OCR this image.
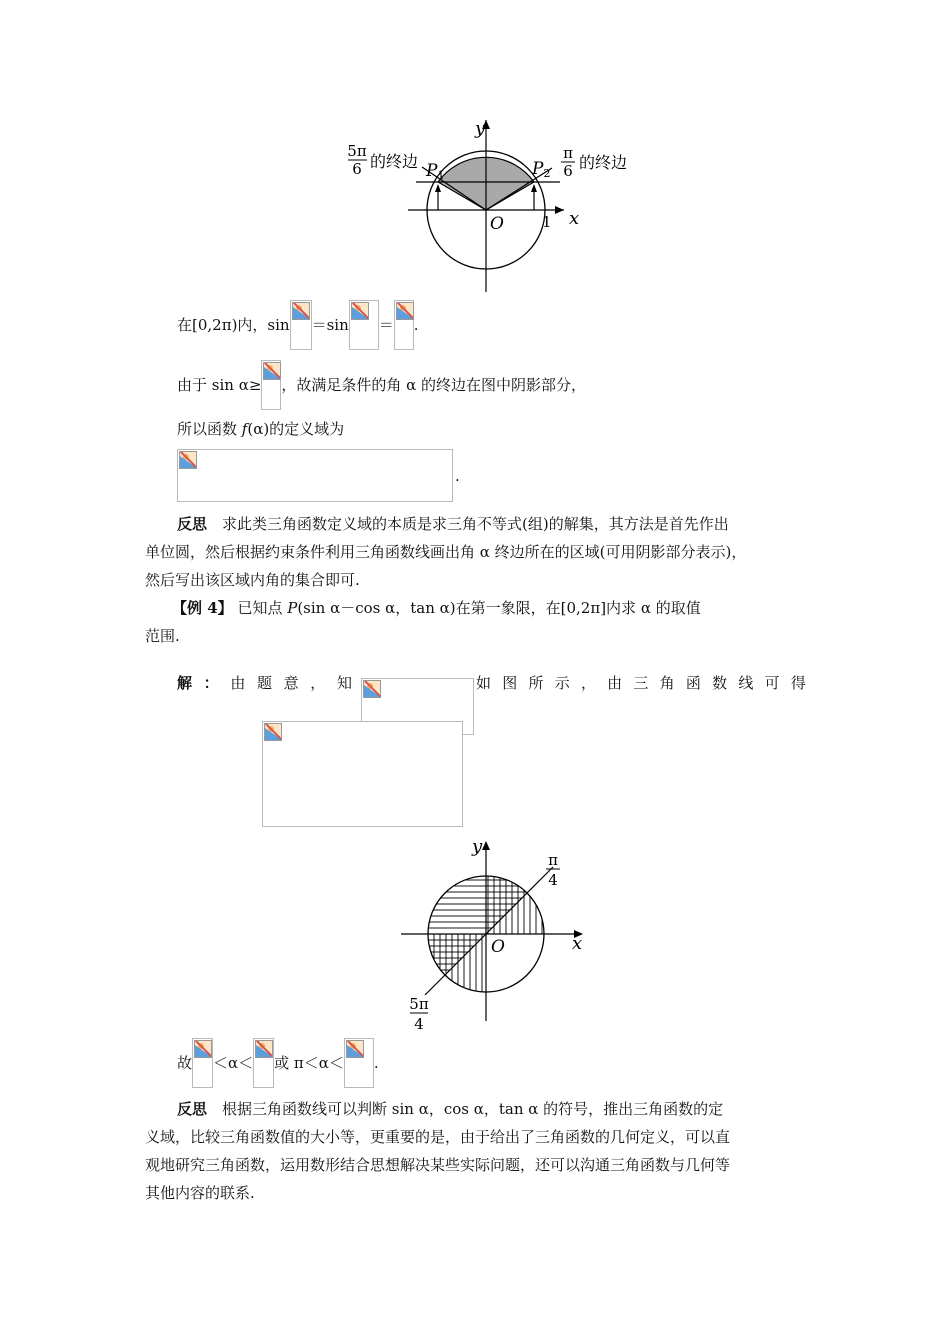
y
x
O	1
P1	P2
5π
6 的终边	π
6 的终边
在[0,2π)内，sin ＝sin ＝ .
由于 sin α≥ ，故满足条件的角 α 的终边在图中阴影部分，
所以函数 f(α)的定义域为
.
反思　 求此类三角函数定义域的本质是求三角不等式(组)的解集，其方法是首先作出
单位圆，然后根据约束条件利用三角函数线画出角 α 终边所在的区域(可用阴影部分表示)，
然后写出该区域内角的集合即可.
【例 4】 已知点 P(sin α－cos α，tan α)在第一象限，在[0,2π]内求 α 的取值
范围.
解 ： 由 题 意 ， 知
	如 图 所 示 ， 由 三 角 函 数 线 可 得
y
x
O
π
4
5π
4
故 ＜α＜ 或 π＜α＜ .
反思　 根据三角函数线可以判断 sin α，cos α，tan α 的符号，推出三角函数的定
义域，比较三角函数值的大小等，更重要的是，由于给出了三角函数的几何定义，可以直
观地研究三角函数，运用数形结合思想解决某些实际问题，还可以沟通三角函数与几何等
其他内容的联系.
